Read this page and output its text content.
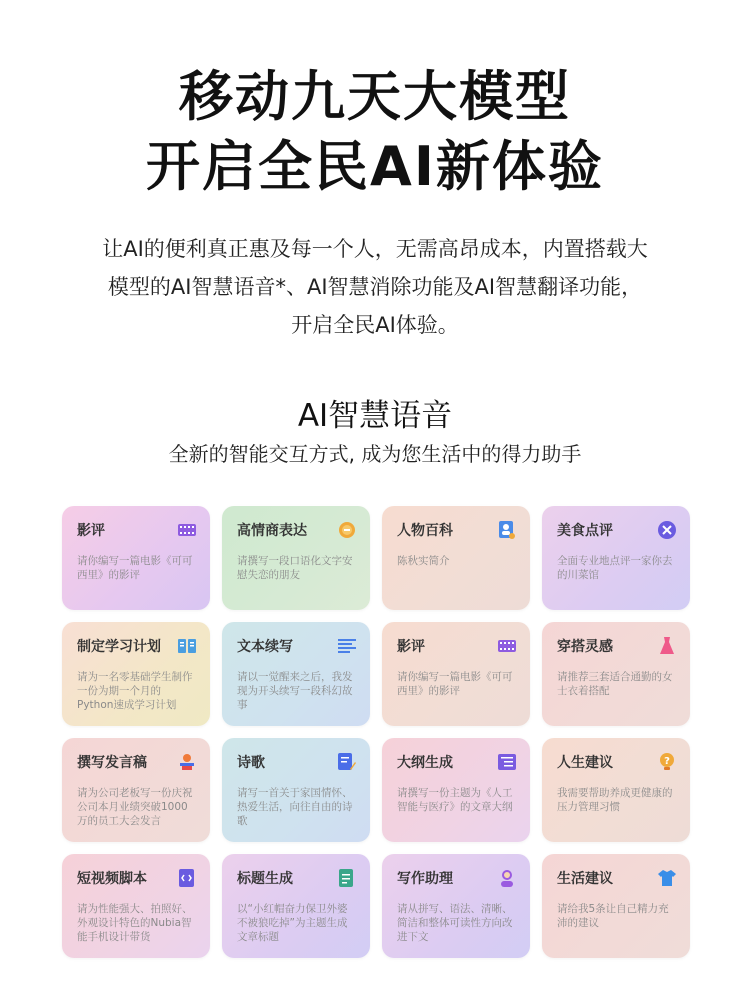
移动九天大模型
开启全民AI新体验

让AI的便利真正惠及每一个人，无需高昂成本，内置搭载大

模型的AI智慧语音*、AI智慧消除功能及AI智慧翻译功能，

开启全民AI体验。

AI智慧语音
全新的智能交互方式, 成为您生活中的得力助手
影评
请你编写一篇电影《可可西里》的影评
高情商表达
请撰写一段口语化文字安慰失恋的朋友
人物百科
陈秋实简介
美食点评
全面专业地点评一家你去的川菜馆
制定学习计划
请为一名零基础学生制作一份为期一个月的Python速成学习计划
文本续写
请以一觉醒来之后，我发现为开头续写一段科幻故事
影评
请你编写一篇电影《可可西里》的影评
穿搭灵感
请推荐三套适合通勤的女士衣着搭配
撰写发言稿
请为公司老板写一份庆祝公司本月业绩突破1000万的员工大会发言
诗歌
请写一首关于家国情怀、热爱生活，向往自由的诗歌
大纲生成
请撰写一份主题为《人工智能与医疗》的文章大纲
人生建议	?
我需要帮助养成更健康的压力管理习惯
短视频脚本
请为性能强大、拍照好、外观设计特色的Nubia智能手机设计带货
标题生成
以“小红帽奋力保卫外婆不被狼吃掉”为主题生成文章标题
写作助理
请从拼写、语法、清晰、简洁和整体可读性方向改进下文
生活建议
请给我5条让自己精力充沛的建议
